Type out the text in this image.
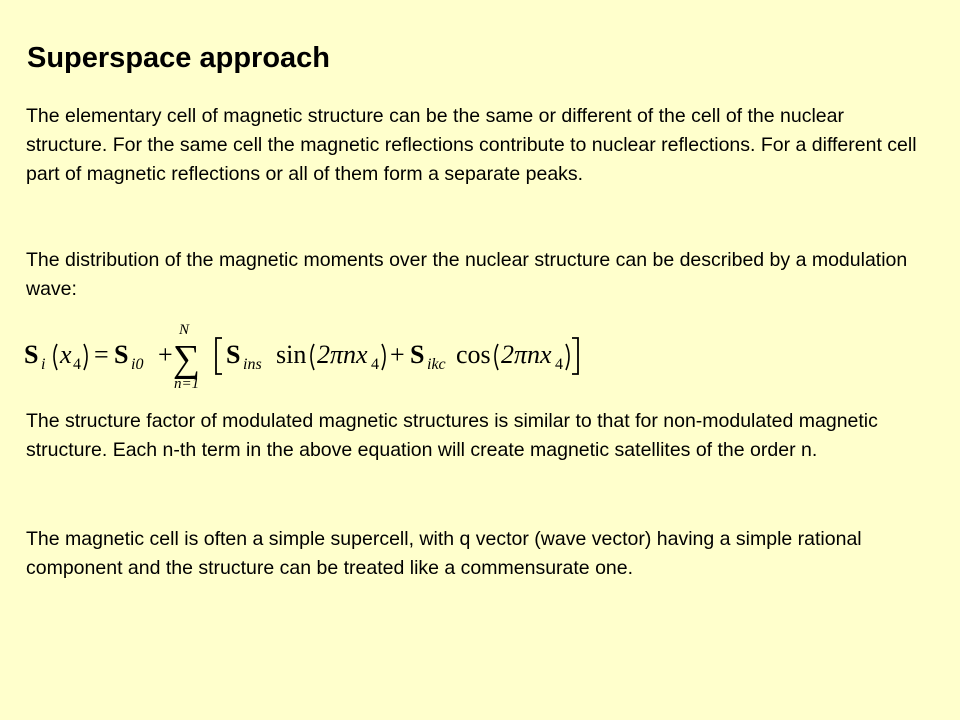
Superspace approach

The elementary cell of magnetic structure can be the same or different of the cell of the nuclear structure. For the same cell the magnetic reflections contribute to nuclear reflections. For a different cell part of magnetic reflections or all of them form a separate peaks.

The distribution of the magnetic moments over the nuclear structure can be described by a modulation wave:

S i x 4 = S i0 +
N
∑
n=1
S ins sin 2πnx 4 + S ikc cos 2πnx 4

The structure factor of modulated magnetic structures is similar to that for non-modulated magnetic structure. Each n-th term in the above equation will create magnetic satellites of the order n.

The magnetic cell is often a simple supercell, with q vector (wave vector) having a simple rational component and the structure can be treated like a commensurate one.
